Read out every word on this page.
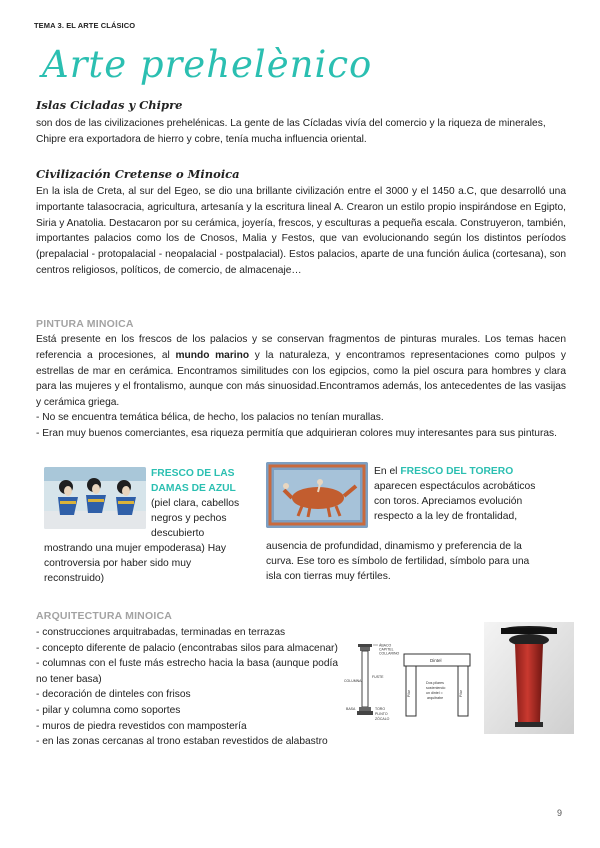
TEMA 3. EL ARTE CLÁSICO
Arte prehelènico
Islas Cicladas y Chipre
son dos de las civilizaciones prehelénicas. La gente de las Cícladas vivía del comercio y la riqueza de minerales, Chipre era exportadora de hierro y cobre, tenía mucha influencia oriental.
Civilización Cretense o Minoica
En la isla de Creta, al sur del Egeo, se dio una brillante civilización entre el 3000 y el 1450 a.C, que desarrolló una importante talasocracia, agricultura, artesanía y la escritura lineal A. Crearon un estilo propio inspirándose en Egipto, Siria y Anatolia. Destacaron por su cerámica, joyería, frescos, y esculturas a pequeña escala. Construyeron, también, importantes palacios como los de Cnosos, Malia y Festos, que van evolucionando según los distintos períodos (prepalacial - protopalacial - neopalacial - postpalacial). Estos palacios, aparte de una función áulica (cortesana), son centros religiosos, políticos, de comercio, de almacenaje…
PINTURA MINOICA
Está presente en los frescos de los palacios y se conservan fragmentos de pinturas murales. Los temas hacen referencia a procesiones, al mundo marino y la naturaleza, y encontramos representaciones como pulpos y estrellas de mar en cerámica. Encontramos similitudes con los egipcios, como la piel oscura para hombres y clara para las mujeres y el frontalismo, aunque con más sinuosidad.Encontramos además, los antecedentes de las vasijas y cerámica griega.
- No se encuentra temática bélica, de hecho, los palacios no tenían murallas.
- Eran muy buenos comerciantes, esa riqueza permitía que adquirieran colores muy interesantes para sus pinturas.
FRESCO DE LAS
DAMAS DE AZUL
(piel clara, cabellos
negros y pechos
descubierto
mostrando una mujer empoderasa) Hay
controversia por haber sido muy
reconstruido)
En el FRESCO DEL TORERO
aparecen espectáculos acrobáticos
con toros. Apreciamos evolución
respecto a la ley de frontalidad,
ausencia de profundidad, dinamismo y preferencia de la
curva. Ese toro es símbolo de fertilidad, símbolo para una
isla con tierras muy fértiles.
ARQUITECTURA MINOICA
- construcciones arquitrabadas, terminadas en terrazas
- concepto diferente de palacio (encontrabas silos para almacenar)
- columnas con el fuste más estrecho hacia la basa (aunque podía no tener basa)
- decoración de dinteles con frisos
- pilar y columna como soportes
- muros de piedra revestidos con mampostería
- en las zonas cercanas al trono estaban revestidos de alabastro
ÁBACO
CAPITEL
COLLARINO
FUSTE
COLUMNA
BASA	TORO
PLINTO
ZÓCALO
Dintel
Pilar	Pilar
Dos pilares
sosteniendo
un dintel =
arquitrabe
9
